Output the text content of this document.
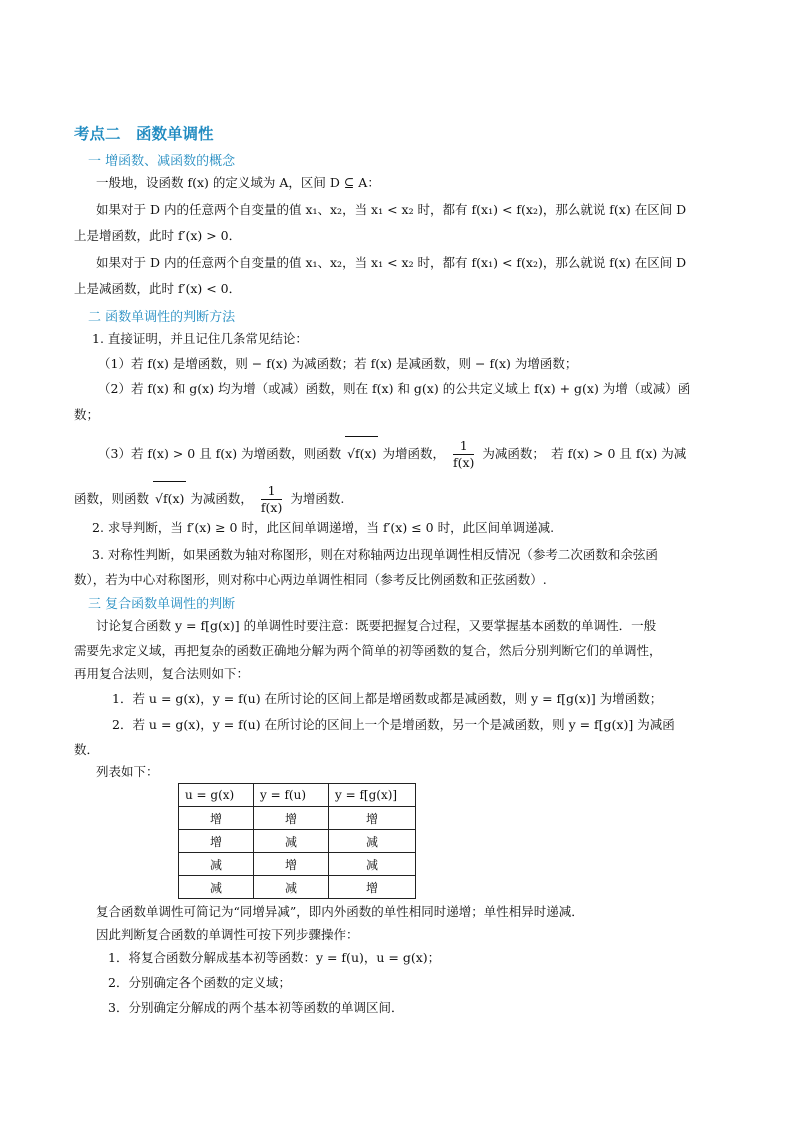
考点二　函数单调性
一 增函数、减函数的概念
一般地，设函数 f(x) 的定义域为 A，区间 D ⊆ A：
如果对于 D 内的任意两个自变量的值 x₁、x₂，当 x₁ < x₂ 时，都有 f(x₁) < f(x₂)，那么就说 f(x) 在区间 D
上是增函数，此时 f′(x) > 0．
如果对于 D 内的任意两个自变量的值 x₁、x₂，当 x₁ < x₂ 时，都有 f(x₁) < f(x₂)，那么就说 f(x) 在区间 D
上是减函数，此时 f′(x) < 0．
二 函数单调性的判断方法
1. 直接证明，并且记住几条常见结论：
（1）若 f(x) 是增函数，则 − f(x) 为减函数；若 f(x) 是减函数，则 − f(x) 为增函数；
（2）若 f(x) 和 g(x) 均为增（或减）函数，则在 f(x) 和 g(x) 的公共定义域上 f(x) + g(x) 为增（或减）函
数；
（3）若 f(x) > 0 且 f(x) 为增函数，则函数 √f(x) 为增函数， $\frac{1}{f(x)}$ 为减函数；　若 f(x) > 0 且 f(x) 为减
函数，则函数 √f(x) 为减函数， $\frac{1}{f(x)}$ 为增函数.
2. 求导判断，当 f′(x) ≥ 0 时，此区间单调递增，当 f′(x) ≤ 0 时，此区间单调递减.
3. 对称性判断，如果函数为轴对称图形，则在对称轴两边出现单调性相反情况（参考二次函数和余弦函
数），若为中心对称图形，则对称中心两边单调性相同（参考反比例函数和正弦函数）.
三 复合函数单调性的判断
讨论复合函数 y = f[g(x)] 的单调性时要注意：既要把握复合过程，又要掌握基本函数的单调性．一般
需要先求定义域，再把复杂的函数正确地分解为两个简单的初等函数的复合，然后分别判断它们的单调性，
再用复合法则，复合法则如下：
1．若 u = g(x)，y = f(u) 在所讨论的区间上都是增函数或都是减函数，则 y = f[g(x)] 为增函数；
2．若 u = g(x)，y = f(u) 在所讨论的区间上一个是增函数，另一个是减函数，则 y = f[g(x)] 为减函
数．
列表如下：
u = g(x)	y = f(u)	y = f[g(x)]
增	增	增
增	减	减
减	增	减
减	减	增
复合函数单调性可简记为“同增异减”，即内外函数的单性相同时递增；单性相异时递减．
因此判断复合函数的单调性可按下列步骤操作：
1．将复合函数分解成基本初等函数：y = f(u)，u = g(x)；
2．分别确定各个函数的定义域；
3．分别确定分解成的两个基本初等函数的单调区间．
